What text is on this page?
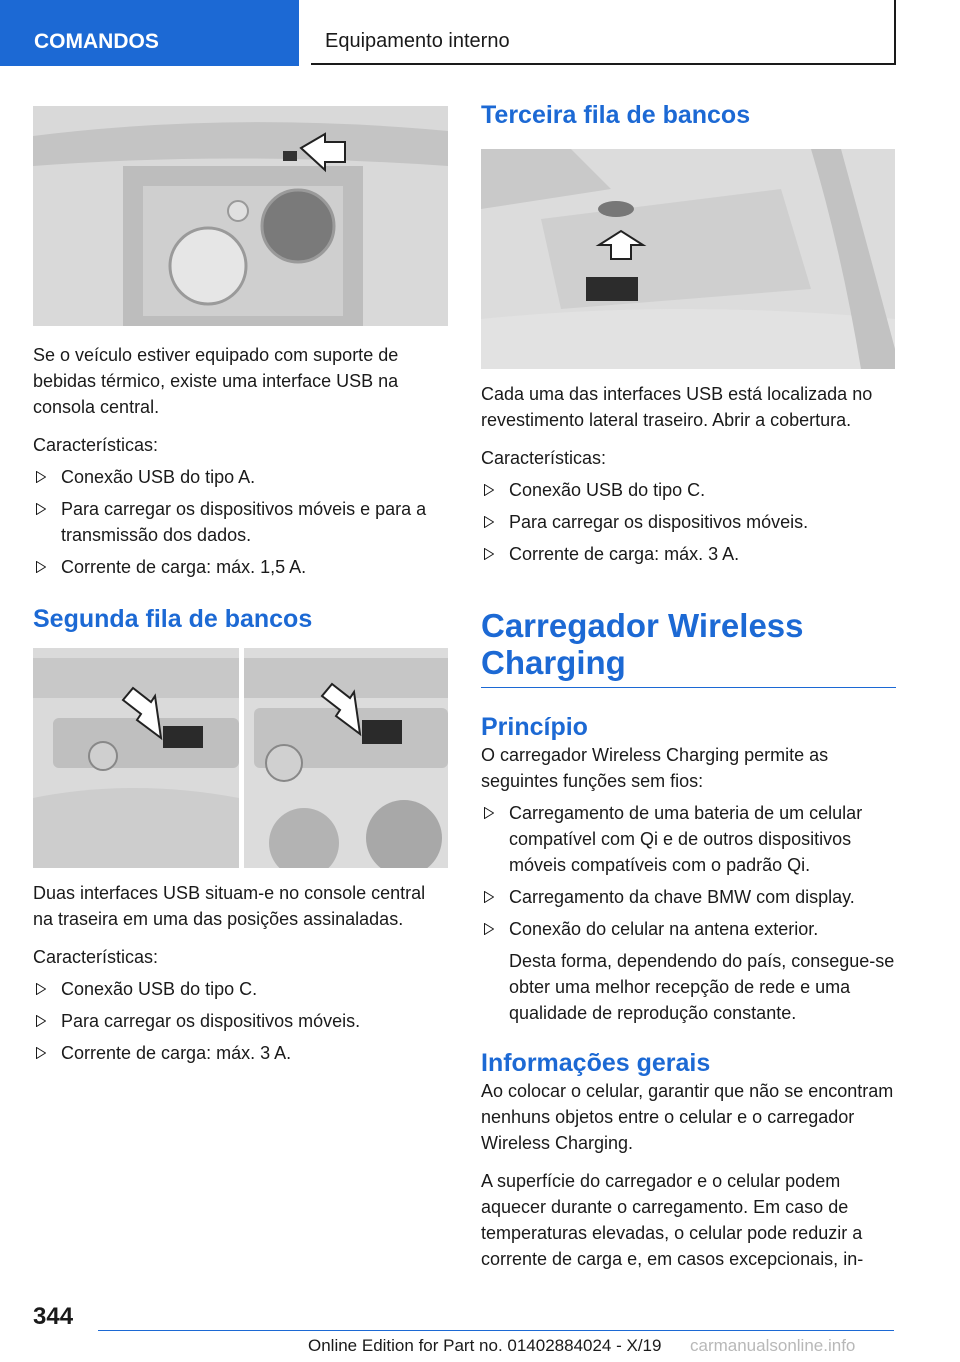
COMANDOS	Equipamento interno

Se o veículo estiver equipado com suporte de bebidas térmico, existe uma interface USB na consola central.

Características:

Conexão USB do tipo A.
Para carregar os dispositivos móveis e para a transmissão dos dados.
Corrente de carga: máx. 1,5 A.
Segunda fila de bancos

Duas interfaces USB situam-e no console central na traseira em uma das posições assinaladas.

Características:

Conexão USB do tipo C.
Para carregar os dispositivos móveis.
Corrente de carga: máx. 3 A.
Terceira fila de bancos

Cada uma das interfaces USB está localizada no revestimento lateral traseiro. Abrir a cobertura.

Características:

Conexão USB do tipo C.
Para carregar os dispositivos móveis.
Corrente de carga: máx. 3 A.
Carregador Wireless Charging
Princípio

O carregador Wireless Charging permite as seguintes funções sem fios:

Carregamento de uma bateria de um celular compatível com Qi e de outros dispositivos móveis compatíveis com o padrão Qi.
Carregamento da chave BMW com display.
Conexão do celular na antena exterior.

Desta forma, dependendo do país, consegue-se obter uma melhor recepção de rede e uma qualidade de reprodução constante.

Informações gerais

Ao colocar o celular, garantir que não se encontram nenhuns objetos entre o celular e o carregador Wireless Charging.

A superfície do carregador e o celular podem aquecer durante o carregamento. Em caso de temperaturas elevadas, o celular pode reduzir a corrente de carga e, em casos excepcionais, in-

344
Online Edition for Part no. 01402884024 - X/19 carmanualsonline.info
